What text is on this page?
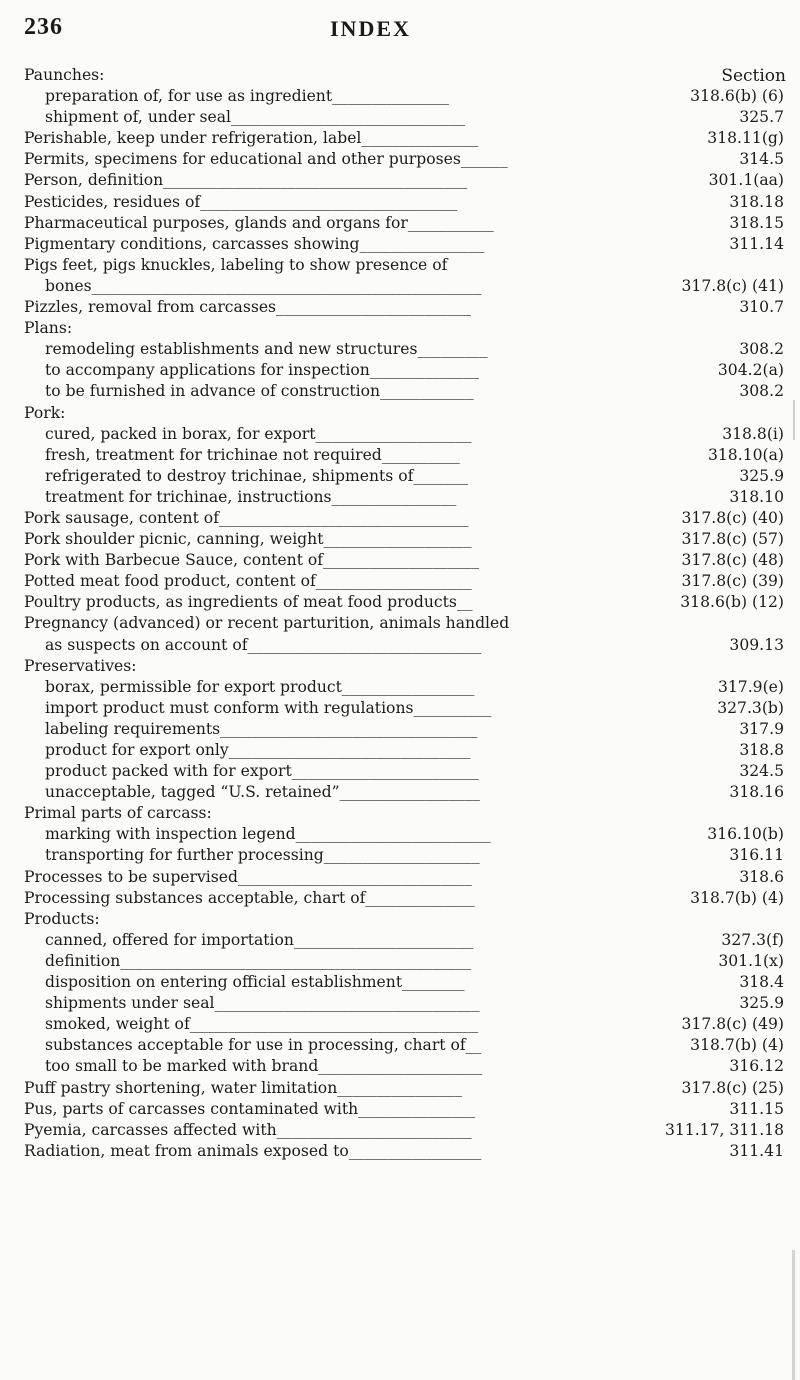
236	INDEX
Section
Paunches:
preparation of, for use as ingredient_______________	318.6(b) (6)
shipment of, under seal______________________________	325.7
Perishable, keep under refrigeration, label_______________	318.11(g)
Permits, specimens for educational and other purposes______	314.5
Person, definition_______________________________________	301.1(aa)
Pesticides, residues of_________________________________	318.18
Pharmaceutical purposes, glands and organs for___________	318.15
Pigmentary conditions, carcasses showing________________	311.14
Pigs feet, pigs knuckles, labeling to show presence of
bones__________________________________________________	317.8(c) (41)
Pizzles, removal from carcasses_________________________	310.7
Plans:
remodeling establishments and new structures_________	308.2
to accompany applications for inspection______________	304.2(a)
to be furnished in advance of construction____________	308.2
Pork:
cured, packed in borax, for export____________________	318.8(i)
fresh, treatment for trichinae not required__________	318.10(a)
refrigerated to destroy trichinae, shipments of_______	325.9
treatment for trichinae, instructions________________	318.10
Pork sausage, content of________________________________	317.8(c) (40)
Pork shoulder picnic, canning, weight___________________	317.8(c) (57)
Pork with Barbecue Sauce, content of____________________	317.8(c) (48)
Potted meat food product, content of____________________	317.8(c) (39)
Poultry products, as ingredients of meat food products__	318.6(b) (12)
Pregnancy (advanced) or recent parturition, animals handled
as suspects on account of______________________________	309.13
Preservatives:
borax, permissible for export product_________________	317.9(e)
import product must conform with regulations__________	327.3(b)
labeling requirements_________________________________	317.9
product for export only_______________________________	318.8
product packed with for export________________________	324.5
unacceptable, tagged “U.S. retained”__________________	318.16
Primal parts of carcass:
marking with inspection legend_________________________	316.10(b)
transporting for further processing____________________	316.11
Processes to be supervised______________________________	318.6
Processing substances acceptable, chart of______________	318.7(b) (4)
Products:
canned, offered for importation_______________________	327.3(f)
definition_____________________________________________	301.1(x)
disposition on entering official establishment________	318.4
shipments under seal__________________________________	325.9
smoked, weight of_____________________________________	317.8(c) (49)
substances acceptable for use in processing, chart of__	318.7(b) (4)
too small to be marked with brand_____________________	316.12
Puff pastry shortening, water limitation________________	317.8(c) (25)
Pus, parts of carcasses contaminated with_______________	311.15
Pyemia, carcasses affected with_________________________	311.17, 311.18
Radiation, meat from animals exposed to_________________	311.41
